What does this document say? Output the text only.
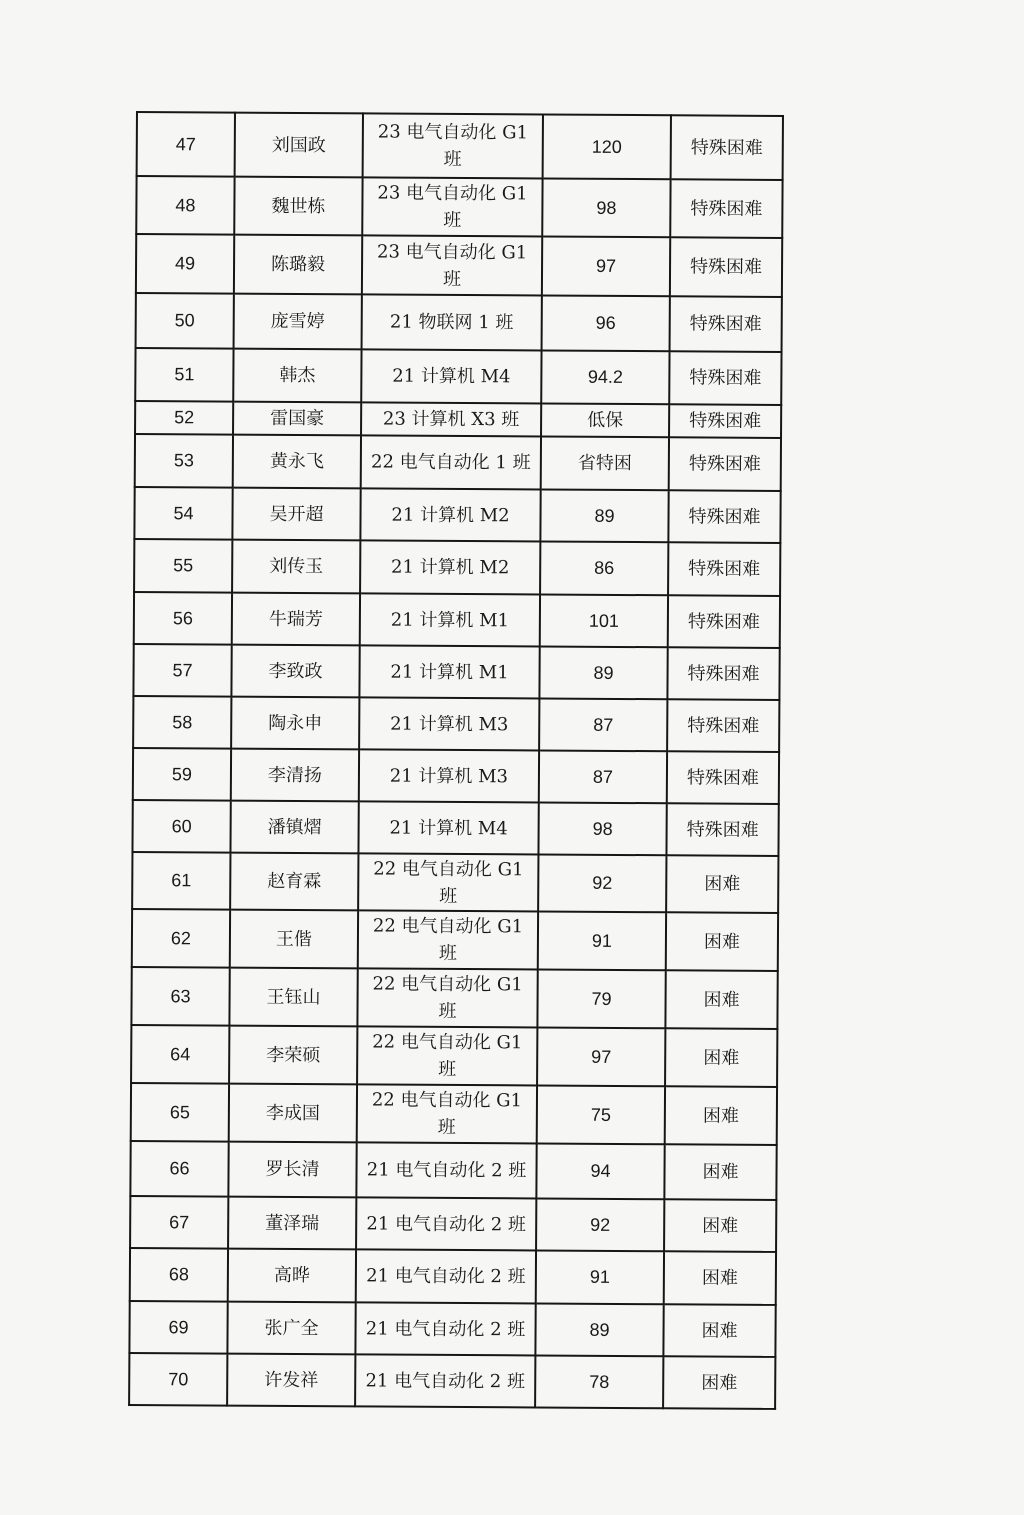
47	刘国政	23 电气自动化 G1 班	120	特殊困难
48	魏世栋	23 电气自动化 G1 班	98	特殊困难
49	陈璐毅	23 电气自动化 G1 班	97	特殊困难
50	庞雪婷	21 物联网 1 班	96	特殊困难
51	韩杰	21 计算机 M4	94.2	特殊困难
52	雷国豪	23 计算机 X3 班	低保	特殊困难
53	黄永飞	22 电气自动化 1 班	省特困	特殊困难
54	吴开超	21 计算机 M2	89	特殊困难
55	刘传玉	21 计算机 M2	86	特殊困难
56	牛瑞芳	21 计算机 M1	101	特殊困难
57	李致政	21 计算机 M1	89	特殊困难
58	陶永申	21 计算机 M3	87	特殊困难
59	李清扬	21 计算机 M3	87	特殊困难
60	潘镇熠	21 计算机 M4	98	特殊困难
61	赵育霖	22 电气自动化 G1 班	92	困难
62	王偕	22 电气自动化 G1 班	91	困难
63	王钰山	22 电气自动化 G1 班	79	困难
64	李荣硕	22 电气自动化 G1 班	97	困难
65	李成国	22 电气自动化 G1 班	75	困难
66	罗长清	21 电气自动化 2 班	94	困难
67	董泽瑞	21 电气自动化 2 班	92	困难
68	高晔	21 电气自动化 2 班	91	困难
69	张广全	21 电气自动化 2 班	89	困难
70	许发祥	21 电气自动化 2 班	78	困难
